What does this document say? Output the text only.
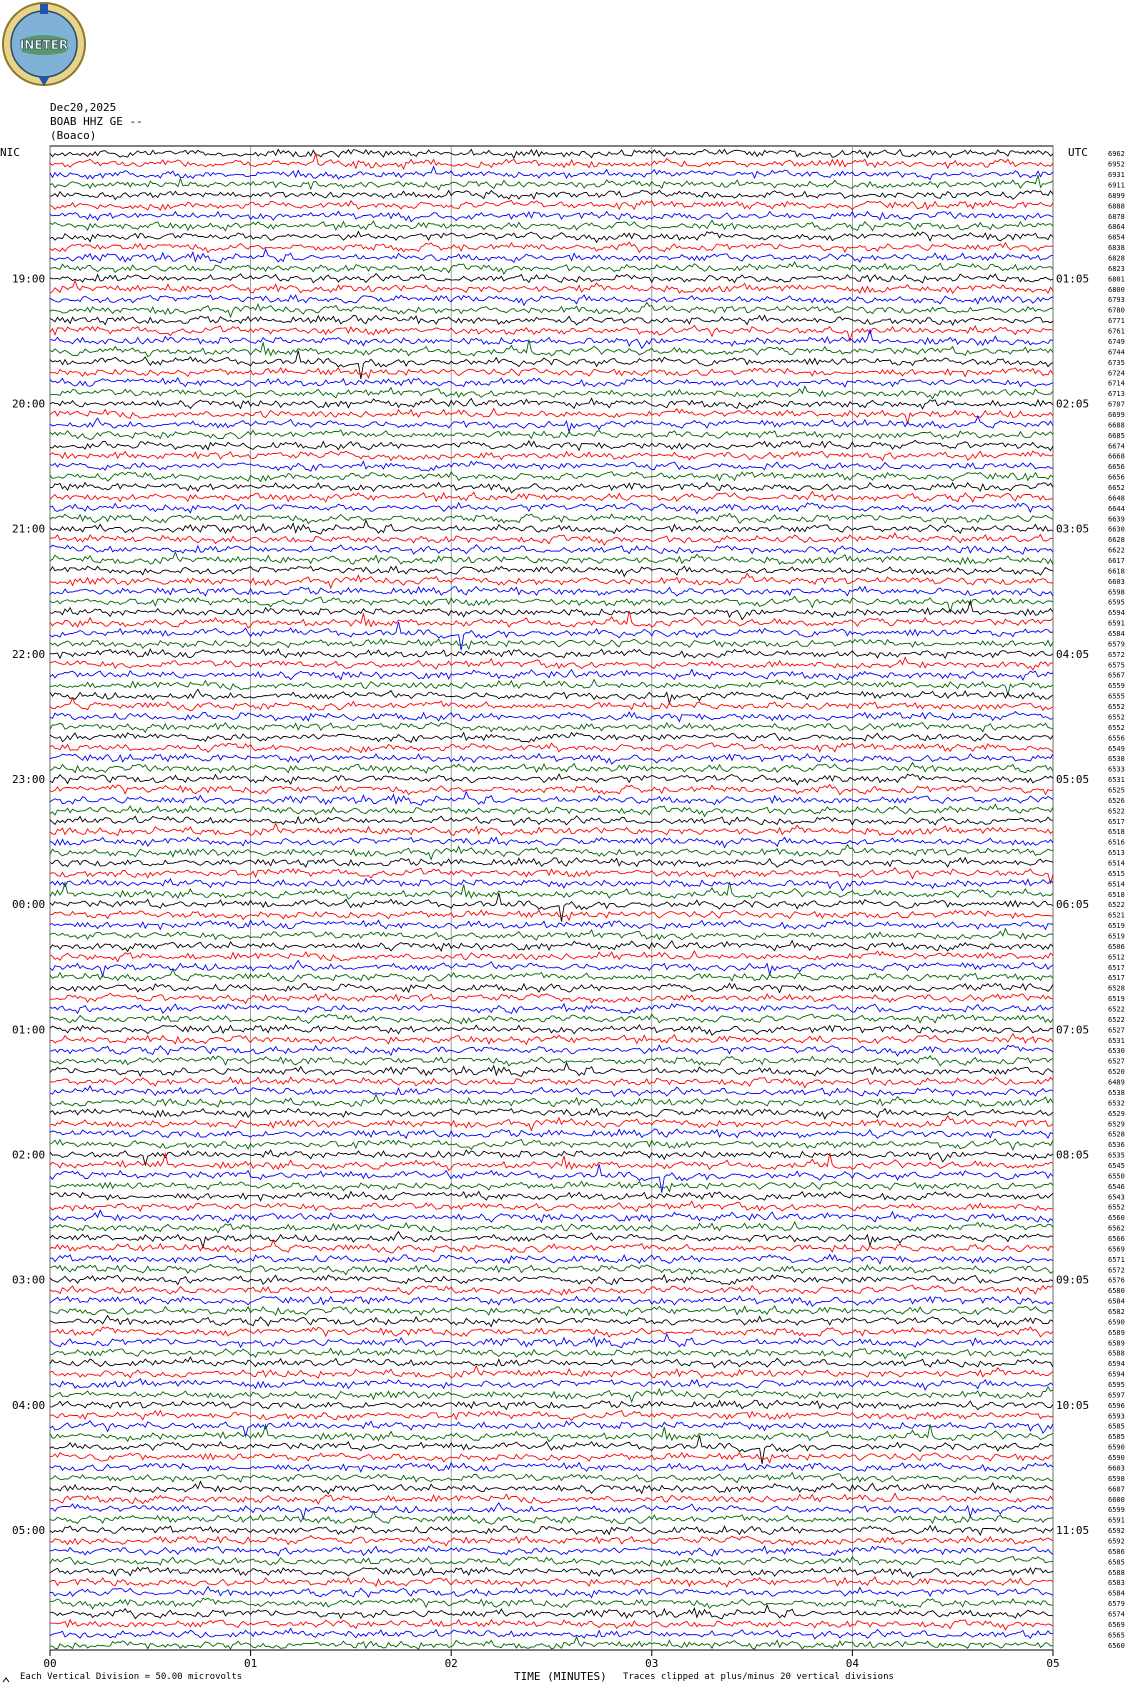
INETER
Dec20,2025
BOAB HHZ GE --
(Boaco)
NIC	UTC
00	01	02	03	04	05
6962
6952
6931
6911
6899
6888
6878
6864
6854
6838
6828
6823
6801
6800
6793
6780
6771
6761
6749
6744
6735
6724
6714
6713
6707
6699
6688
6685
6674
6668
6656
6656
6652
6648
6644
6639
6630
6628
6622
6617
6618
6603
6598
6595
6594
6591
6584
6579
6572
6575
6567
6559
6555
6552
6552
6552
6556
6549
6538
6533
6531
6525
6526
6522
6517
6518
6516
6513
6514
6515
6514
6518
6522
6521
6519
6519
6506
6512
6517
6517
6528
6519
6522
6522
6527
6531
6530
6527
6520
6489
6538
6532
6529
6529
6528
6536
6535
6545
6550
6546
6543
6552
6560
6562
6566
6569
6571
6572
6576
6580
6584
6582
6590
6589
6589
6588
6594
6594
6595
6597
6596
6593
6585
6585
6590
6590
6603
6598
6607
6600
6599
6591
6592
6592
6586
6585
6588
6583
6584
6579
6574
6569
6565
6560
19:00	01:05
20:00	02:05
21:00	03:05
22:00	04:05
23:00	05:05
00:00	06:05
01:00	07:05
02:00	08:05
03:00	09:05
04:00	10:05
05:00	11:05
Each Vertical Division = 50.00 microvolts	TIME (MINUTES) Traces clipped at plus/minus 20 vertical divisions
